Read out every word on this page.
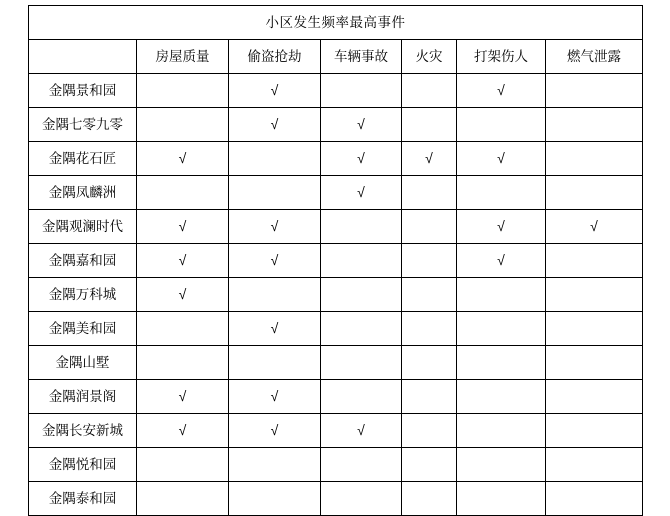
小区发生频率最高事件						
	房屋质量	偷盗抢劫	车辆事故	火灾	打架伤人	燃气泄露
金隅景和园		√			√	
金隅七零九零		√	√			
金隅花石匠	√		√	√	√	
金隅凤麟洲			√			
金隅观澜时代	√	√			√	√
金隅嘉和园	√	√			√	
金隅万科城	√					
金隅美和园		√				
金隅山墅						
金隅润景阁	√	√				
金隅长安新城	√	√	√			
金隅悦和园						
金隅泰和园						
